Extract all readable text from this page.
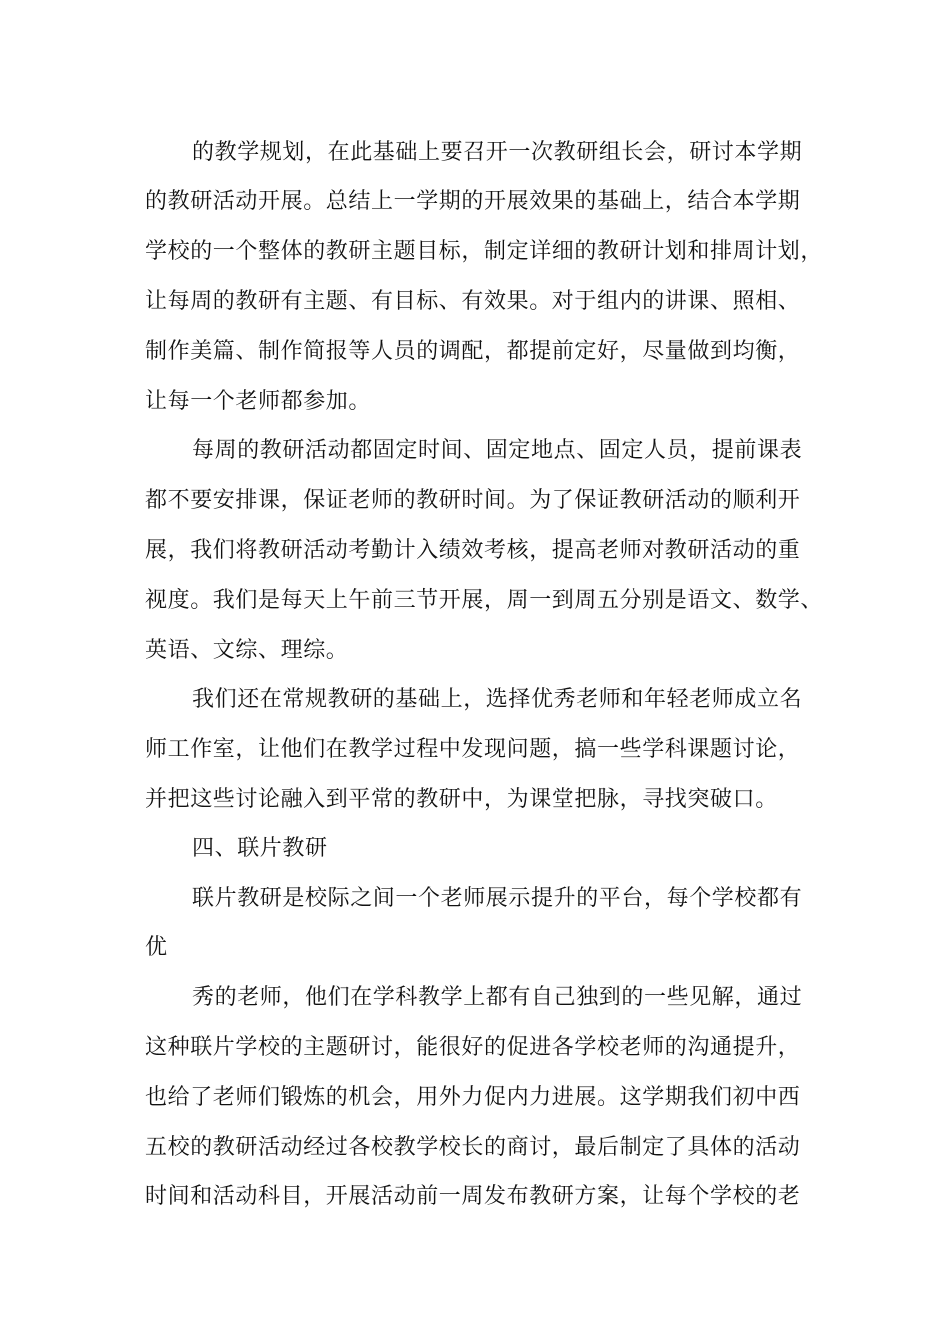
的教学规划，在此基础上要召开一次教研组长会，研讨本学期
的教研活动开展。总结上一学期的开展效果的基础上，结合本学期
学校的一个整体的教研主题目标，制定详细的教研计划和排周计划，
让每周的教研有主题、有目标、有效果。对于组内的讲课、照相、
制作美篇、制作简报等人员的调配，都提前定好，尽量做到均衡，
让每一个老师都参加。
每周的教研活动都固定时间、固定地点、固定人员，提前课表
都不要安排课，保证老师的教研时间。为了保证教研活动的顺利开
展，我们将教研活动考勤计入绩效考核，提高老师对教研活动的重
视度。我们是每天上午前三节开展，周一到周五分别是语文、数学、
英语、文综、理综。
我们还在常规教研的基础上，选择优秀老师和年轻老师成立名
师工作室，让他们在教学过程中发现问题，搞一些学科课题讨论，
并把这些讨论融入到平常的教研中，为课堂把脉，寻找突破口。
四、联片教研
联片教研是校际之间一个老师展示提升的平台，每个学校都有
优
秀的老师，他们在学科教学上都有自己独到的一些见解，通过
这种联片学校的主题研讨，能很好的促进各学校老师的沟通提升，
也给了老师们锻炼的机会，用外力促内力进展。这学期我们初中西
五校的教研活动经过各校教学校长的商讨，最后制定了具体的活动
时间和活动科目，开展活动前一周发布教研方案，让每个学校的老
